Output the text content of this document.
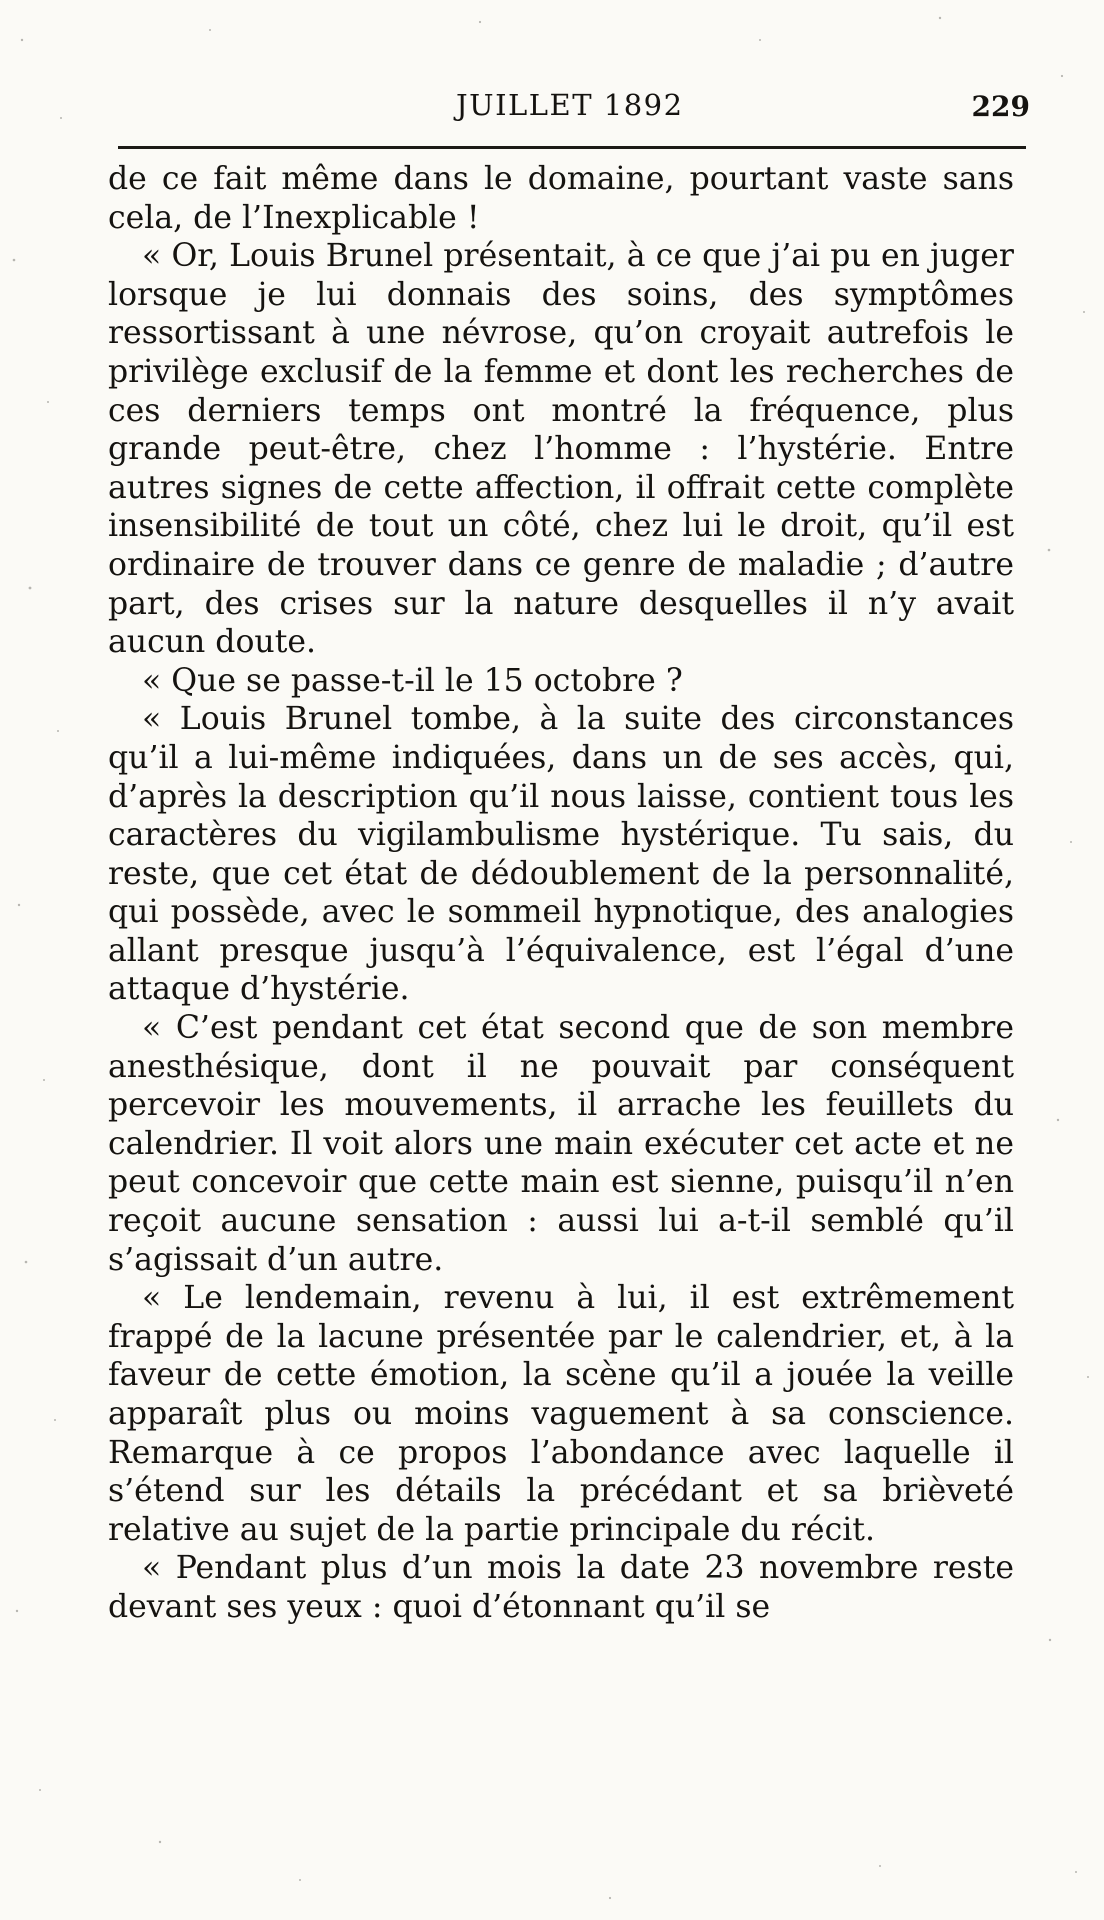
JUILLET 1892	229

de ce fait même dans le domaine, pourtant vaste sans cela, de l’Inexplicable !

« Or, Louis Brunel présentait, à ce que j’ai pu en juger lorsque je lui donnais des soins, des symptômes ressortissant à une névrose, qu’on croyait autrefois le privilège exclusif de la femme et dont les recherches de ces derniers temps ont montré la fréquence, plus grande peut-être, chez l’homme : l’hystérie. Entre autres signes de cette affection, il offrait cette complète insensibilité de tout un côté, chez lui le droit, qu’il est ordinaire de trouver dans ce genre de maladie ; d’autre part, des crises sur la nature desquelles il n’y avait aucun doute.

« Que se passe-t-il le 15 octobre ?

« Louis Brunel tombe, à la suite des circonstances qu’il a lui-même indiquées, dans un de ses accès, qui, d’après la description qu’il nous laisse, contient tous les caractères du vigilambulisme hystérique. Tu sais, du reste, que cet état de dédoublement de la personnalité, qui possède, avec le sommeil hypnotique, des analogies allant presque jusqu’à l’équivalence, est l’égal d’une attaque d’hystérie.

« C’est pendant cet état second que de son membre anesthésique, dont il ne pouvait par conséquent percevoir les mouvements, il arrache les feuillets du calendrier. Il voit alors une main exécuter cet acte et ne peut concevoir que cette main est sienne, puisqu’il n’en reçoit aucune sensation : aussi lui a-t-il semblé qu’il s’agissait d’un autre.

« Le lendemain, revenu à lui, il est extrêmement frappé de la lacune présentée par le calendrier, et, à la faveur de cette émotion, la scène qu’il a jouée la veille apparaît plus ou moins vaguement à sa conscience. Remarque à ce propos l’abondance avec laquelle il s’étend sur les détails la précédant et sa brièveté relative au sujet de la partie principale du récit.

« Pendant plus d’un mois la date 23 novembre reste devant ses yeux : quoi d’étonnant qu’il se
